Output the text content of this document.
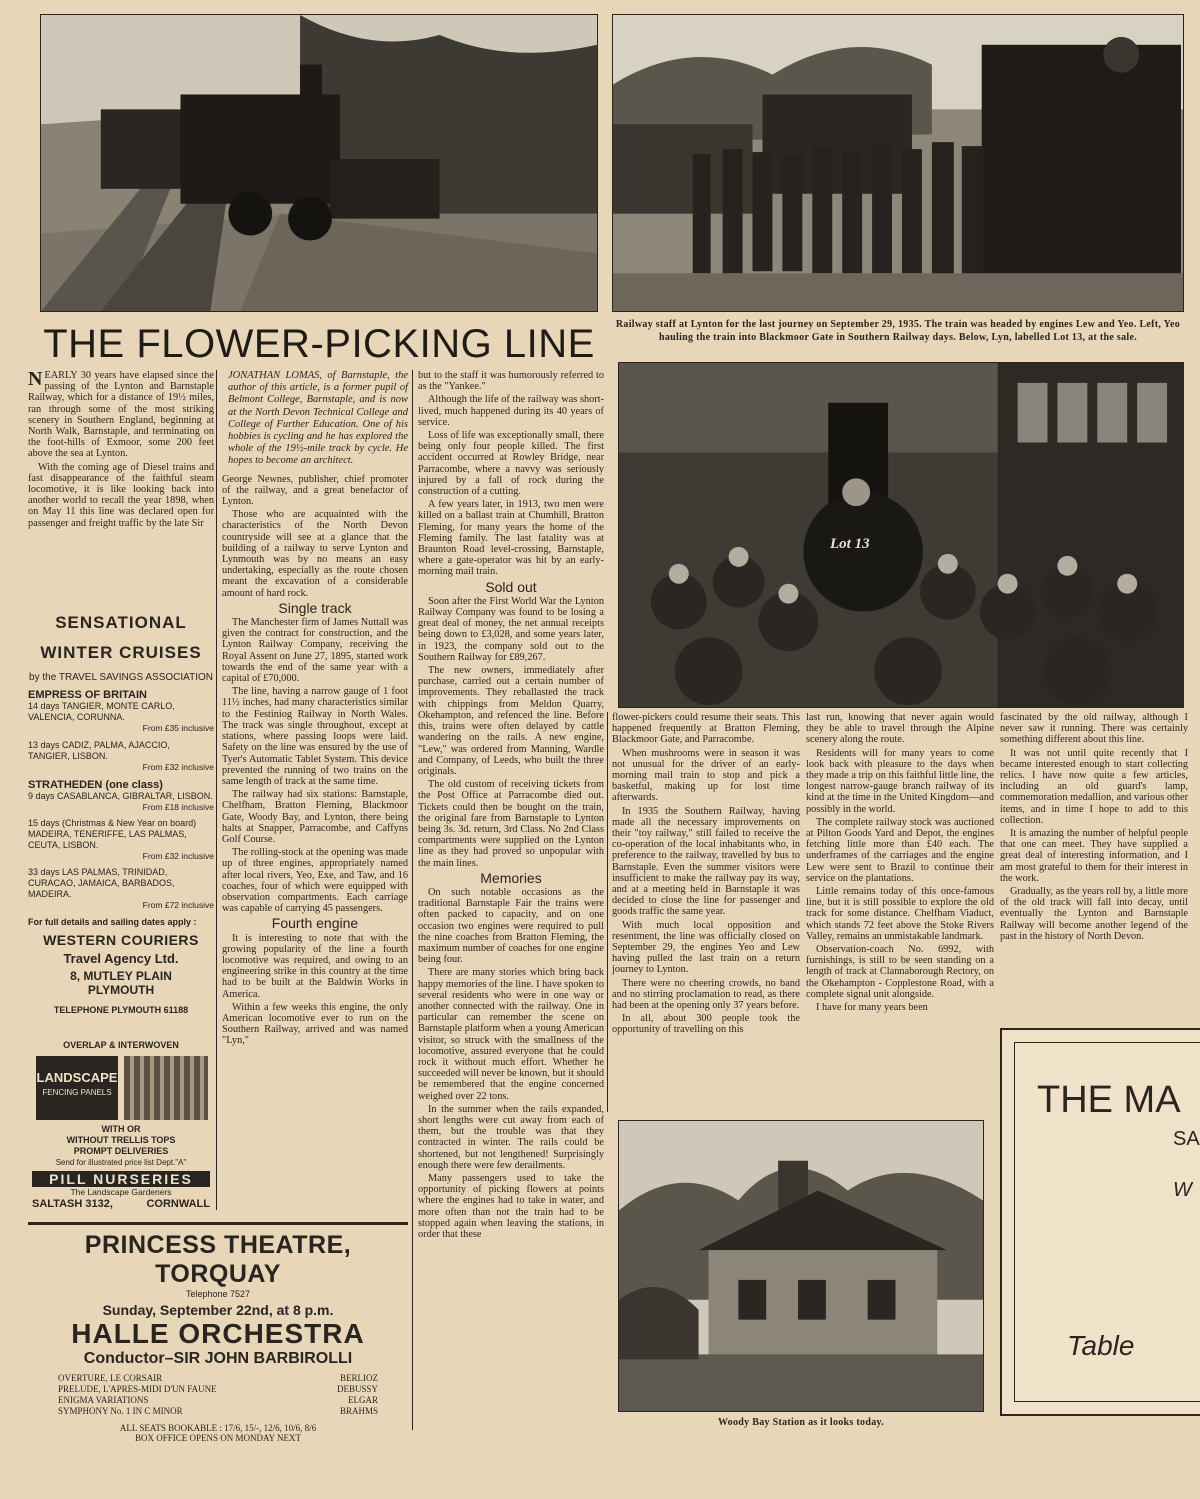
Railway staff at Lynton for the last journey on September 29, 1935. The train was headed by engines Lew and Yeo. Left, Yeo hauling the train into Blackmoor Gate in Southern Railway days. Below, Lyn, labelled Lot 13, at the sale.
THE FLOWER-PICKING LINE
Lot 13

NEARLY 30 years have elapsed since the passing of the Lynton and Barnstaple Railway, which for a distance of 19½ miles, ran through some of the most striking scenery in Southern England, beginning at North Walk, Barnstaple, and terminating on the foot-hills of Exmoor, some 200 feet above the sea at Lynton.

With the coming age of Diesel trains and fast disappearance of the faithful steam locomotive, it is like looking back into another world to recall the year 1898, when on May 11 this line was declared open for passenger and freight traffic by the late Sir

SENSATIONAL
WINTER CRUISES
by the TRAVEL SAVINGS ASSOCIATION
EMPRESS OF BRITAIN
14 days TANGIER, MONTE CARLO, VALENCIA, CORUNNA.
From £35 inclusive
13 days CADIZ, PALMA, AJACCIO, TANGIER, LISBON.
From £32 inclusive
STRATHEDEN (one class)
9 days CASABLANCA, GIBRALTAR, LISBON.
From £18 inclusive
15 days (Christmas & New Year on board) MADEIRA, TENERIFFE, LAS PALMAS, CEUTA, LISBON.
From £32 inclusive
33 days LAS PALMAS, TRINIDAD, CURACAO, JAMAICA, BARBADOS, MADEIRA.
From £72 inclusive
For full details and sailing dates apply :
WESTERN COURIERS
Travel Agency Ltd.
8, MUTLEY PLAIN
PLYMOUTH
TELEPHONE PLYMOUTH 61188
OVERLAP & INTERWOVEN
LANDSCAPE
FENCING PANELS
WITH OR
WITHOUT TRELLIS TOPS
PROMPT DELIVERIES
Send for illustrated price list Dept."A"
PILL NURSERIES
The Landscape Gardeners
SALTASH 3132,	CORNWALL
JONATHAN LOMAS, of Barnstaple, the author of this article, is a former pupil of Belmont College, Barnstaple, and is now at the North Devon Technical College and College of Further Education. One of his hobbies is cycling and he has explored the whole of the 19½-mile track by cycle. He hopes to become an architect.

George Newnes, publisher, chief promoter of the railway, and a great benefactor of Lynton.

Those who are acquainted with the characteristics of the North Devon countryside will see at a glance that the building of a railway to serve Lynton and Lynmouth was by no means an easy undertaking, especially as the route chosen meant the excavation of a considerable amount of hard rock.

Single track

The Manchester firm of James Nuttall was given the contract for construction, and the Lynton Railway Company, receiving the Royal Assent on June 27, 1895, started work towards the end of the same year with a capital of £70,000.

The line, having a narrow gauge of 1 foot 11½ inches, had many characteristics similar to the Festiniog Railway in North Wales. The track was single throughout, except at stations, where passing loops were laid. Safety on the line was ensured by the use of Tyer's Automatic Tablet System. This device prevented the running of two trains on the same length of track at the same time.

The railway had six stations: Barnstaple, Chelfham, Bratton Fleming, Blackmoor Gate, Woody Bay, and Lynton, there being halts at Snapper, Parracombe, and Caffyns Golf Course.

The rolling-stock at the opening was made up of three engines, appropriately named after local rivers, Yeo, Exe, and Taw, and 16 coaches, four of which were equipped with observation compartments. Each carriage was capable of carrying 45 passengers.

Fourth engine

It is interesting to note that with the growing popularity of the line a fourth locomotive was required, and owing to an engineering strike in this country at the time had to be built at the Baldwin Works in America.

Within a few weeks this engine, the only American locomotive ever to run on the Southern Railway, arrived and was named "Lyn,"

PRINCESS THEATRE, TORQUAY
Telephone 7527
Sunday, September 22nd, at 8 p.m.
HALLE ORCHESTRA
Conductor–SIR JOHN BARBIROLLI
OVERTURE, LE CORSAIR	BERLIOZ
PRELUDE, L'APRES-MIDI D'UN FAUNE	DEBUSSY
ENIGMA VARIATIONS	ELGAR
SYMPHONY No. 1 IN C MINOR	BRAHMS
ALL SEATS BOOKABLE : 17/6, 15/-, 12/6, 10/6, 8/6
BOX OFFICE OPENS ON MONDAY NEXT

but to the staff it was humorously referred to as the "Yankee."

Although the life of the railway was short-lived, much happened during its 40 years of service.

Loss of life was exceptionally small, there being only four people killed. The first accident occurred at Rowley Bridge, near Parracombe, where a navvy was seriously injured by a fall of rock during the construction of a cutting.

A few years later, in 1913, two men were killed on a ballast train at Chumhill, Bratton Fleming, for many years the home of the Fleming family. The last fatality was at Braunton Road level-crossing, Barnstaple, where a gate-operator was hit by an early-morning mail train.

Sold out

Soon after the First World War the Lynton Railway Company was found to be losing a great deal of money, the net annual receipts being down to £3,028, and some years later, in 1923, the company sold out to the Southern Railway for £89,267.

The new owners, immediately after purchase, carried out a certain number of improvements. They reballasted the track with chippings from Meldon Quarry, Okehampton, and refenced the line. Before this, trains were often delayed by cattle wandering on the rails. A new engine, "Lew," was ordered from Manning, Wardle and Company, of Leeds, who built the three originals.

The old custom of receiving tickets from the Post Office at Parracombe died out. Tickets could then be bought on the train, the original fare from Barnstaple to Lynton being 3s. 3d. return, 3rd Class. No 2nd Class compartments were supplied on the Lynton line as they had proved so unpopular with the main lines.

Memories

On such notable occasions as the traditional Barnstaple Fair the trains were often packed to capacity, and on one occasion two engines were required to pull the nine coaches from Bratton Fleming, the maximum number of coaches for one engine being four.

There are many stories which bring back happy memories of the line. I have spoken to several residents who were in one way or another connected with the railway. One in particular can remember the scene on Barnstaple platform when a young American visitor, so struck with the smallness of the locomotive, assured everyone that he could rock it without much effort. Whether he succeeded will never be known, but it should be remembered that the engine concerned weighed over 22 tons.

In the summer when the rails expanded, short lengths were cut away from each of them, but the trouble was that they contracted in winter. The rails could be shortened, but not lengthened! Surprisingly enough there were few derailments.

Many passengers used to take the opportunity of picking flowers at points where the engines had to take in water, and more often than not the train had to be stopped again when leaving the stations, in order that these

flower-pickers could resume their seats. This happened frequently at Bratton Fleming, Blackmoor Gate, and Parracombe.

When mushrooms were in season it was not unusual for the driver of an early-morning mail train to stop and pick a basketful, making up for lost time afterwards.

In 1935 the Southern Railway, having made all the necessary improvements on their "toy railway," still failed to receive the co-operation of the local inhabitants who, in preference to the railway, travelled by bus to Barnstaple. Even the summer visitors were insufficient to make the railway pay its way, and at a meeting held in Barnstaple it was decided to close the line for passenger and goods traffic the same year.

With much local opposition and resentment, the line was officially closed on September 29, the engines Yeo and Lew having pulled the last train on a return journey to Lynton.

There were no cheering crowds, no band and no stirring proclamation to read, as there had been at the opening only 37 years before.

In all, about 300 people took the opportunity of travelling on this

last run, knowing that never again would they be able to travel through the Alpine scenery along the route.

Residents will for many years to come look back with pleasure to the days when they made a trip on this faithful little line, the longest narrow-gauge branch railway of its kind at the time in the United Kingdom—and possibly in the world.

The complete railway stock was auctioned at Pilton Goods Yard and Depot, the engines fetching little more than £40 each. The underframes of the carriages and the engine Lew were sent to Brazil to continue their service on the plantations.

Little remains today of this once-famous line, but it is still possible to explore the old track for some distance. Chelfham Viaduct, which stands 72 feet above the Stoke Rivers Valley, remains an unmistakable landmark.

Observation-coach No. 6992, with furnishings, is still to be seen standing on a length of track at Clannaborough Rectory, on the Okehampton - Copplestone Road, with a complete signal unit alongside.

I have for many years been

fascinated by the old railway, although I never saw it running. There was certainly something different about this line.

It was not until quite recently that I became interested enough to start collecting relics. I have now quite a few articles, including an old guard's lamp, commemoration medallion, and various other items, and in time I hope to add to this collection.

It is amazing the number of helpful people that one can meet. They have supplied a great deal of interesting information, and I am most grateful to them for their interest in the work.

Gradually, as the years roll by, a little more of the old track will fall into decay, until eventually the Lynton and Barnstaple Railway will become another legend of the past in the history of North Devon.

Woody Bay Station as it looks today.
THE MA
SA
W
Table
